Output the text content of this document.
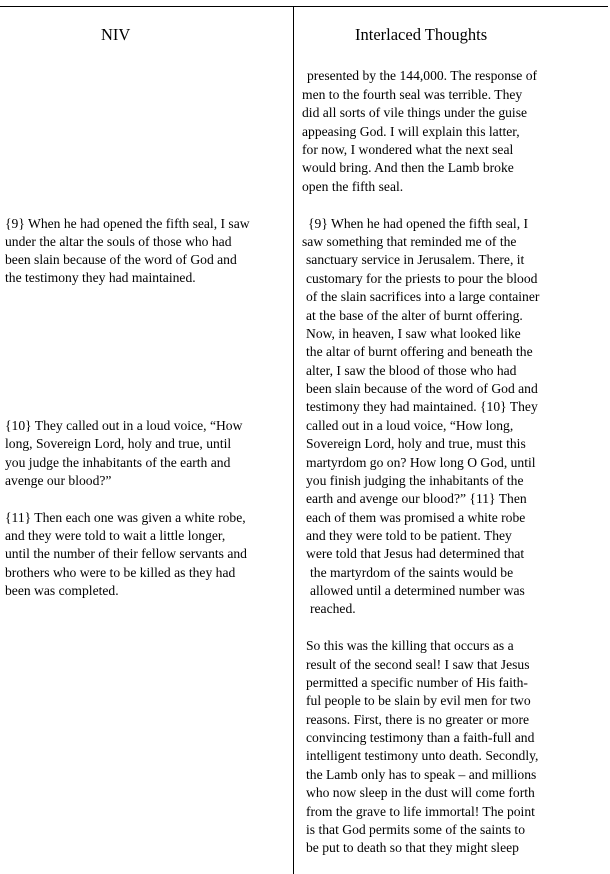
NIV	Interlaced Thoughts
{9} When he had opened the fifth seal, I saw
under the altar the souls of those who had
been slain because of the word of God and
the testimony they had maintained.
{10} They called out in a loud voice, “How
long, Sovereign Lord, holy and true, until
you judge the inhabitants of the earth and
avenge our blood?”
{11} Then each one was given a white robe,
and they were told to wait a little longer,
until the number of their fellow servants and
brothers who were to be killed as they had
been was completed.
presented by the 144,000. The response of
men to the fourth seal was terrible. They
did all sorts of vile things under the guise
appeasing God. I will explain this latter,
for now, I wondered what the next seal
would bring. And then the Lamb broke
open the fifth seal.
{9} When he had opened the fifth seal, I
saw something that reminded me of the
sanctuary service in Jerusalem. There, it
customary for the priests to pour the blood
of the slain sacrifices into a large container
at the base of the alter of burnt offering.
Now, in heaven, I saw what looked like
the altar of burnt offering and beneath the
alter, I saw the blood of those who had
been slain because of the word of God and
testimony they had maintained. {10} They
called out in a loud voice, “How long,
Sovereign Lord, holy and true, must this
martyrdom go on? How long O God, until
you finish judging the inhabitants of the
earth and avenge our blood?” {11} Then
each of them was promised a white robe
and they were told to be patient. They
were told that Jesus had determined that
the martyrdom of the saints would be
allowed until a determined number was
reached.
So this was the killing that occurs as a
result of the second seal! I saw that Jesus
permitted a specific number of His faith-
ful people to be slain by evil men for two
reasons. First, there is no greater or more
convincing testimony than a faith-full and
intelligent testimony unto death. Secondly,
the Lamb only has to speak – and millions
who now sleep in the dust will come forth
from the grave to life immortal! The point
is that God permits some of the saints to
be put to death so that they might sleep
